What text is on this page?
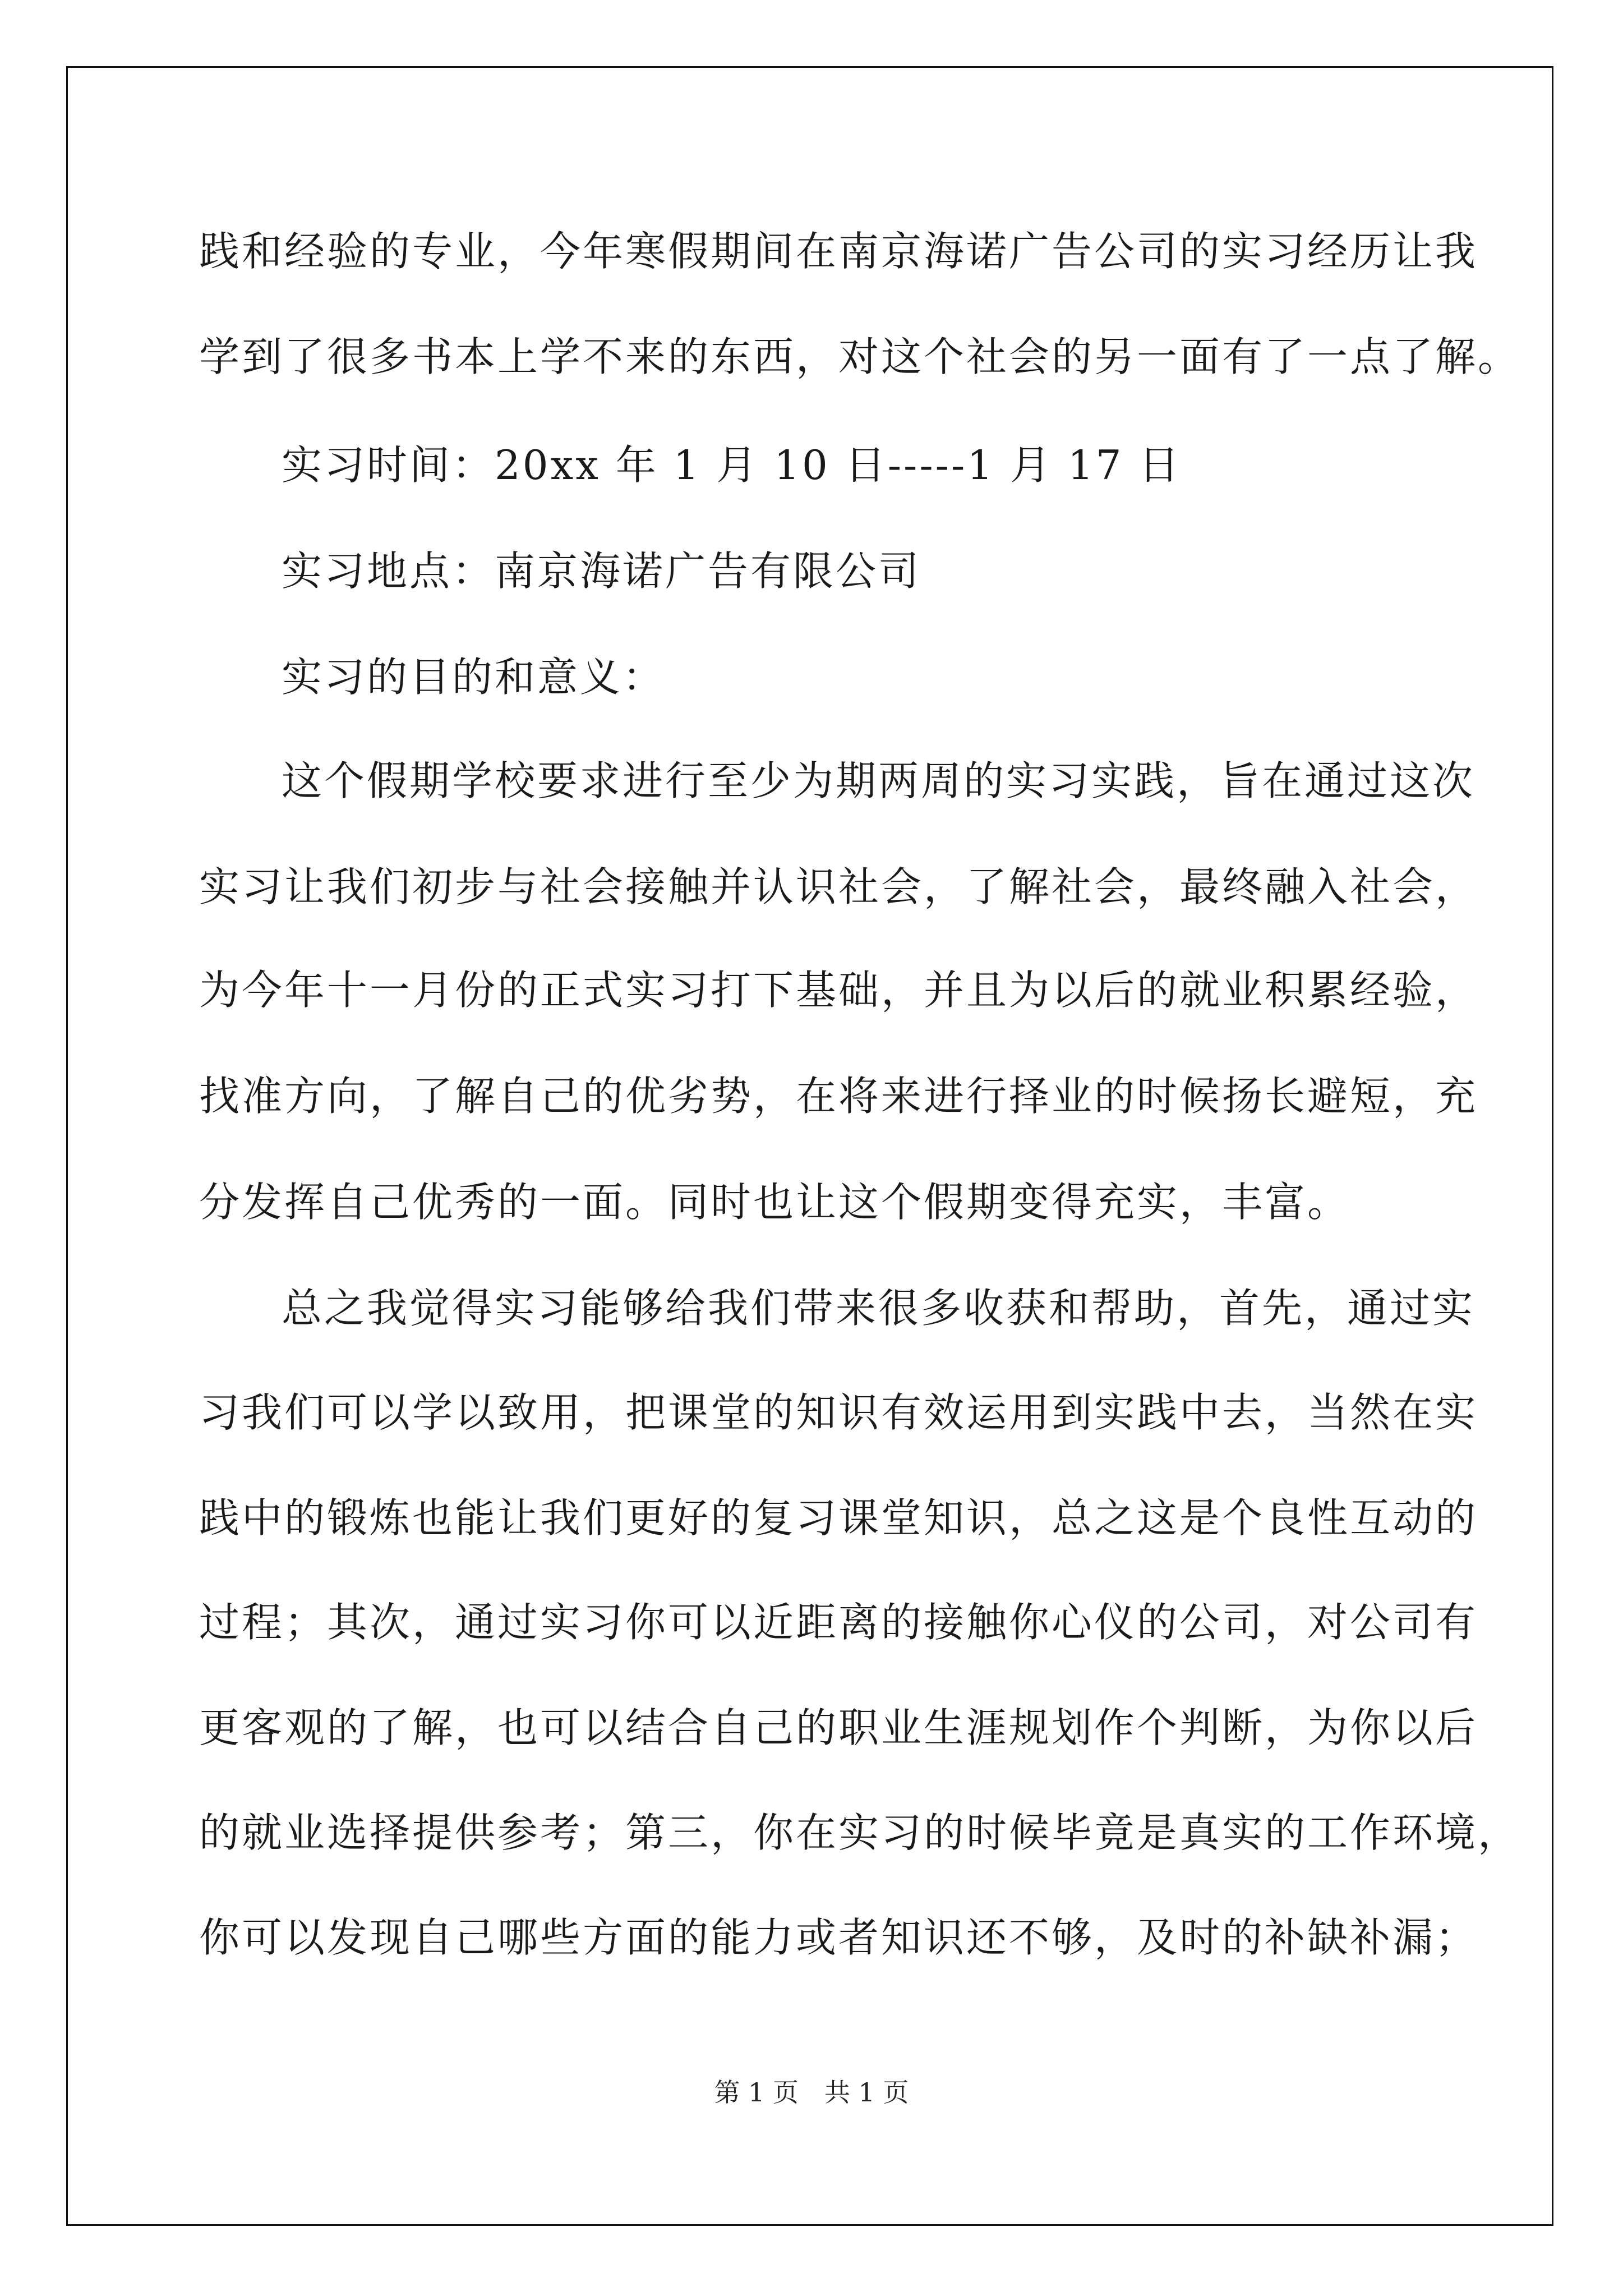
践和经验的专业，今年寒假期间在南京海诺广告公司的实习经历让我
学到了很多书本上学不来的东西，对这个社会的另一面有了一点了解。
实习时间：20xx 年 1 月 10 日-----1 月 17 日
实习地点：南京海诺广告有限公司
实习的目的和意义：
这个假期学校要求进行至少为期两周的实习实践，旨在通过这次
实习让我们初步与社会接触并认识社会，了解社会，最终融入社会，
为今年十一月份的正式实习打下基础，并且为以后的就业积累经验，
找准方向，了解自己的优劣势，在将来进行择业的时候扬长避短，充
分发挥自己优秀的一面。同时也让这个假期变得充实，丰富。
总之我觉得实习能够给我们带来很多收获和帮助，首先，通过实
习我们可以学以致用，把课堂的知识有效运用到实践中去，当然在实
践中的锻炼也能让我们更好的复习课堂知识，总之这是个良性互动的
过程；其次，通过实习你可以近距离的接触你心仪的公司，对公司有
更客观的了解，也可以结合自己的职业生涯规划作个判断，为你以后
的就业选择提供参考；第三，你在实习的时候毕竟是真实的工作环境，
你可以发现自己哪些方面的能力或者知识还不够，及时的补缺补漏；
第 1 页　共 1 页
